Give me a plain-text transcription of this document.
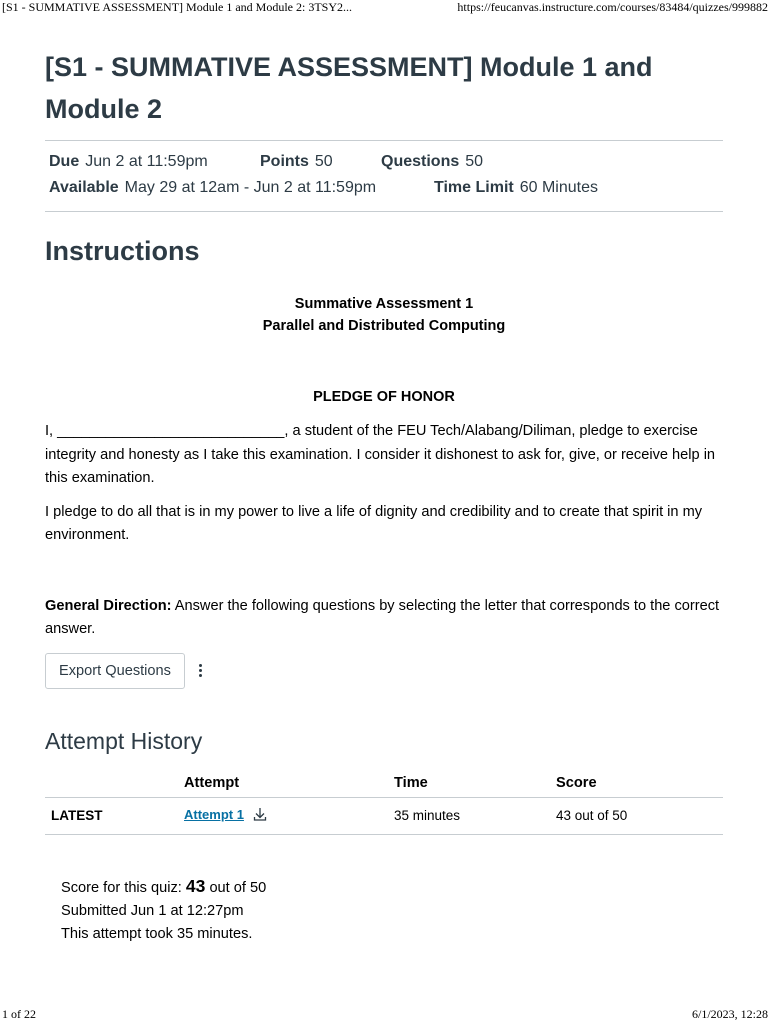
[S1 - SUMMATIVE ASSESSMENT] Module 1 and Module 2: 3TSY2...	https://feucanvas.instructure.com/courses/83484/quizzes/999882
[S1 - SUMMATIVE ASSESSMENT] Module 1 and Module 2
Due Jun 2 at 11:59pm	Points 50	Questions 50
Available May 29 at 12am - Jun 2 at 11:59pm	Time Limit 60 Minutes
Instructions
Summative Assessment 1
Parallel and Distributed Computing
PLEDGE OF HONOR

I, ____________________________, a student of the FEU Tech/Alabang/Diliman, pledge to exercise integrity and honesty as I take this examination. I consider it dishonest to ask for, give, or receive help in this examination.

I pledge to do all that is in my power to live a life of dignity and credibility and to create that spirit in my environment.

General Direction: Answer the following questions by selecting the letter that corresponds to the correct answer.

Export Questions
Attempt History
	Attempt	Time	Score
LATEST	Attempt 1	35 minutes	43 out of 50
Score for this quiz: 43 out of 50
Submitted Jun 1 at 12:27pm
This attempt took 35 minutes.
1 of 22	6/1/2023, 12:28
